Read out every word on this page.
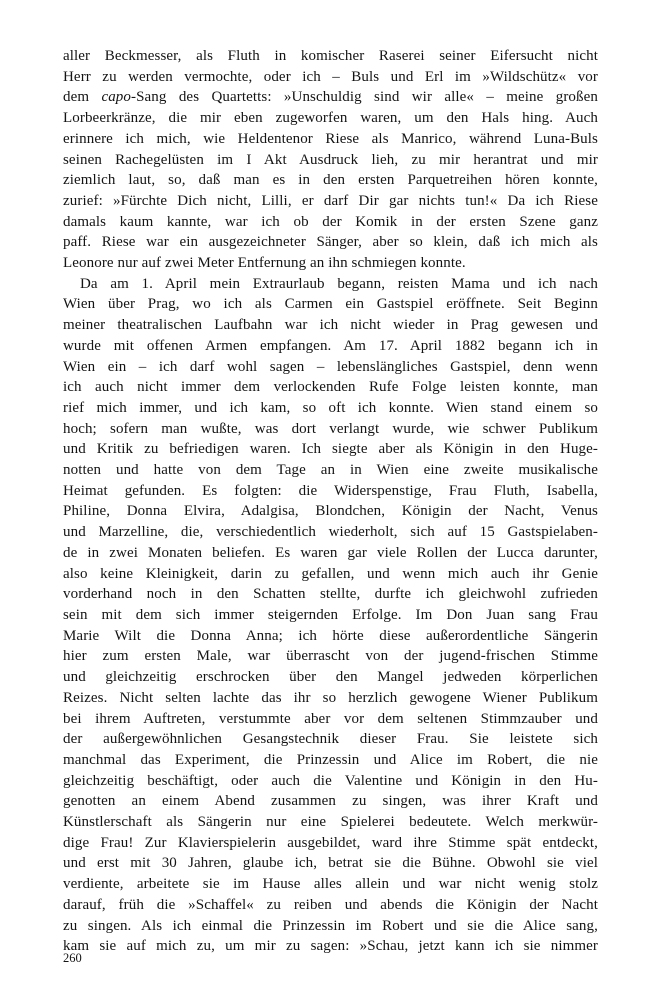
aller Beckmesser, als Fluth in komischer Raserei seiner Eifersucht nicht
Herr zu werden vermochte, oder ich – Buls und Erl im »Wildschütz« vor
dem capo-Sang des Quartetts: »Unschuldig sind wir alle« – meine großen
Lorbeerkränze, die mir eben zugeworfen waren, um den Hals hing. Auch
erinnere ich mich, wie Heldentenor Riese als Manrico, während Luna-Buls
seinen Rachegelüsten im I Akt Ausdruck lieh, zu mir herantrat und mir
ziemlich laut, so, daß man es in den ersten Parquetreihen hören konnte,
zurief: »Fürchte Dich nicht, Lilli, er darf Dir gar nichts tun!« Da ich Riese
damals kaum kannte, war ich ob der Komik in der ersten Szene ganz
paff. Riese war ein ausgezeichneter Sänger, aber so klein, daß ich mich als
Leonore nur auf zwei Meter Entfernung an ihn schmiegen konnte.
Da am 1. April mein Extraurlaub begann, reisten Mama und ich nach
Wien über Prag, wo ich als Carmen ein Gastspiel eröffnete. Seit Beginn
meiner theatralischen Laufbahn war ich nicht wieder in Prag gewesen und
wurde mit offenen Armen empfangen. Am 17. April 1882 begann ich in
Wien ein – ich darf wohl sagen – lebenslängliches Gastspiel, denn wenn
ich auch nicht immer dem verlockenden Rufe Folge leisten konnte, man
rief mich immer, und ich kam, so oft ich konnte. Wien stand einem so
hoch; sofern man wußte, was dort verlangt wurde, wie schwer Publikum
und Kritik zu befriedigen waren. Ich siegte aber als Königin in den Huge-
notten und hatte von dem Tage an in Wien eine zweite musikalische
Heimat gefunden. Es folgten: die Widerspenstige, Frau Fluth, Isabella,
Philine, Donna Elvira, Adalgisa, Blondchen, Königin der Nacht, Venus
und Marzelline, die, verschiedentlich wiederholt, sich auf 15 Gastspielaben-
de in zwei Monaten beliefen. Es waren gar viele Rollen der Lucca darunter,
also keine Kleinigkeit, darin zu gefallen, und wenn mich auch ihr Genie
vorderhand noch in den Schatten stellte, durfte ich gleichwohl zufrieden
sein mit dem sich immer steigernden Erfolge. Im Don Juan sang Frau
Marie Wilt die Donna Anna; ich hörte diese außerordentliche Sängerin
hier zum ersten Male, war überrascht von der jugend-frischen Stimme
und gleichzeitig erschrocken über den Mangel jedweden körperlichen
Reizes. Nicht selten lachte das ihr so herzlich gewogene Wiener Publikum
bei ihrem Auftreten, verstummte aber vor dem seltenen Stimmzauber und
der außergewöhnlichen Gesangstechnik dieser Frau. Sie leistete sich
manchmal das Experiment, die Prinzessin und Alice im Robert, die nie
gleichzeitig beschäftigt, oder auch die Valentine und Königin in den Hu-
genotten an einem Abend zusammen zu singen, was ihrer Kraft und
Künstlerschaft als Sängerin nur eine Spielerei bedeutete. Welch merkwür-
dige Frau! Zur Klavierspielerin ausgebildet, ward ihre Stimme spät entdeckt,
und erst mit 30 Jahren, glaube ich, betrat sie die Bühne. Obwohl sie viel
verdiente, arbeitete sie im Hause alles allein und war nicht wenig stolz
darauf, früh die »Schaffel« zu reiben und abends die Königin der Nacht
zu singen. Als ich einmal die Prinzessin im Robert und sie die Alice sang,
kam sie auf mich zu, um mir zu sagen: »Schau, jetzt kann ich sie nimmer
260
